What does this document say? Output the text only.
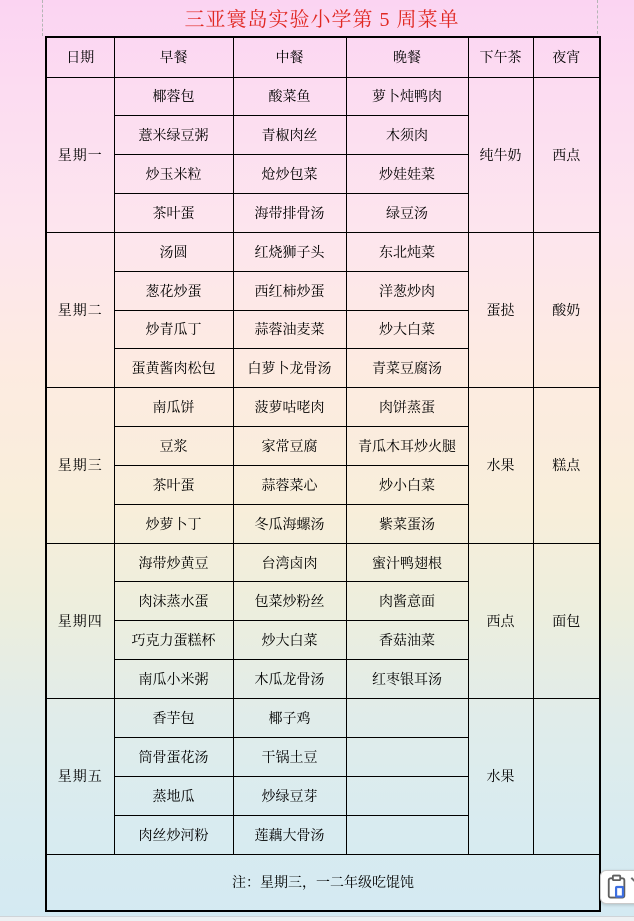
三亚寰岛实验小学第 5 周菜单
日期	早餐	中餐	晚餐	下午茶	夜宵
星期一	椰蓉包	酸菜鱼	萝卜炖鸭肉	纯牛奶	西点
	薏米绿豆粥	青椒肉丝	木须肉		
	炒玉米粒	炝炒包菜	炒娃娃菜		
	茶叶蛋	海带排骨汤	绿豆汤		
星期二	汤圆	红烧狮子头	东北炖菜	蛋挞	酸奶
	葱花炒蛋	西红柿炒蛋	洋葱炒肉		
	炒青瓜丁	蒜蓉油麦菜	炒大白菜		
	蛋黄酱肉松包	白萝卜龙骨汤	青菜豆腐汤		
星期三	南瓜饼	菠萝咕咾肉	肉饼蒸蛋	水果	糕点
	豆浆	家常豆腐	青瓜木耳炒火腿		
	茶叶蛋	蒜蓉菜心	炒小白菜		
	炒萝卜丁	冬瓜海螺汤	紫菜蛋汤		
星期四	海带炒黄豆	台湾卤肉	蜜汁鸭翅根	西点	面包
	肉沫蒸水蛋	包菜炒粉丝	肉酱意面		
	巧克力蛋糕杯	炒大白菜	香菇油菜		
	南瓜小米粥	木瓜龙骨汤	红枣银耳汤		
星期五	香芋包	椰子鸡		水果	
	筒骨蛋花汤	干锅土豆			
	蒸地瓜	炒绿豆芽			
	肉丝炒河粉	莲藕大骨汤			
注：星期三，一二年级吃馄饨					
